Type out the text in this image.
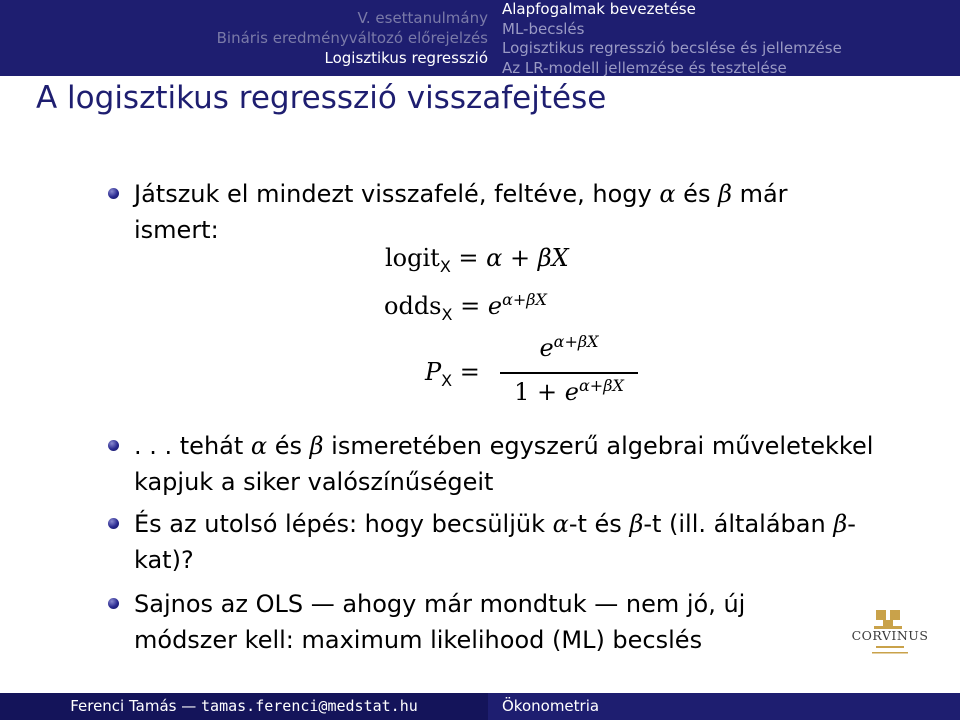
V. esettanulmány
Bináris eredményváltozó előrejelzés
Logisztikus regresszió
Alapfogalmak bevezetése
ML-becslés
Logisztikus regresszió becslése és jellemzése
Az LR-modell jellemzése és tesztelése
A logisztikus regresszió visszafejtése
Játszuk el mindezt visszafelé, feltéve, hogy α és β már ismert:
logit$_X$ = α + βX
odds$_X$ = $e^{\alpha+\beta X}$
$P_X$ =
$e^{\alpha+\beta X}$
$1 + e^{\alpha+\beta X}$
. . . tehát α és β ismeretében egyszerű algebrai műveletekkel kapjuk a siker valószínűségeit
És az utolsó lépés: hogy becsüljük α-t és β-t (ill. általában β-kat)?
Sajnos az OLS — ahogy már mondtuk — nem jó, új módszer kell: maximum likelihood (ML) becslés	CORVINUS
Ferenci Tamás — tamas.ferenci@medstat.hu	Ökonometria
